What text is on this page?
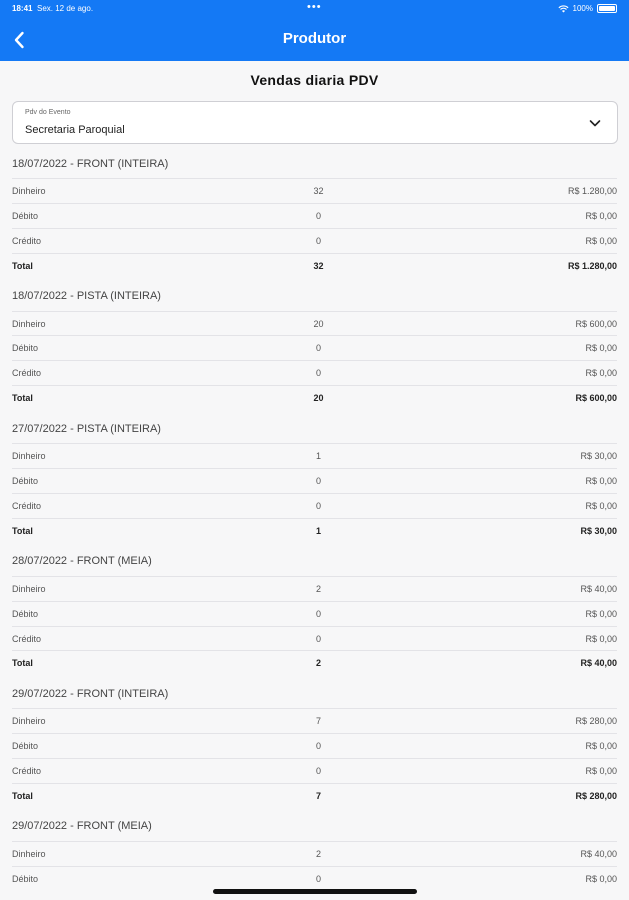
18:41 Sex. 12 de ago.	•••	100%
Produtor
Vendas diaria PDV
Pdv do Evento
Secretaria Paroquial
18/07/2022 - FRONT (INTEIRA)
Dinheiro	32	R$ 1.280,00
Débito	0	R$ 0,00
Crédito	0	R$ 0,00
Total	32	R$ 1.280,00
18/07/2022 - PISTA (INTEIRA)
Dinheiro	20	R$ 600,00
Débito	0	R$ 0,00
Crédito	0	R$ 0,00
Total	20	R$ 600,00
27/07/2022 - PISTA (INTEIRA)
Dinheiro	1	R$ 30,00
Débito	0	R$ 0,00
Crédito	0	R$ 0,00
Total	1	R$ 30,00
28/07/2022 - FRONT (MEIA)
Dinheiro	2	R$ 40,00
Débito	0	R$ 0,00
Crédito	0	R$ 0,00
Total	2	R$ 40,00
29/07/2022 - FRONT (INTEIRA)
Dinheiro	7	R$ 280,00
Débito	0	R$ 0,00
Crédito	0	R$ 0,00
Total	7	R$ 280,00
29/07/2022 - FRONT (MEIA)
Dinheiro	2	R$ 40,00
Débito	0	R$ 0,00
